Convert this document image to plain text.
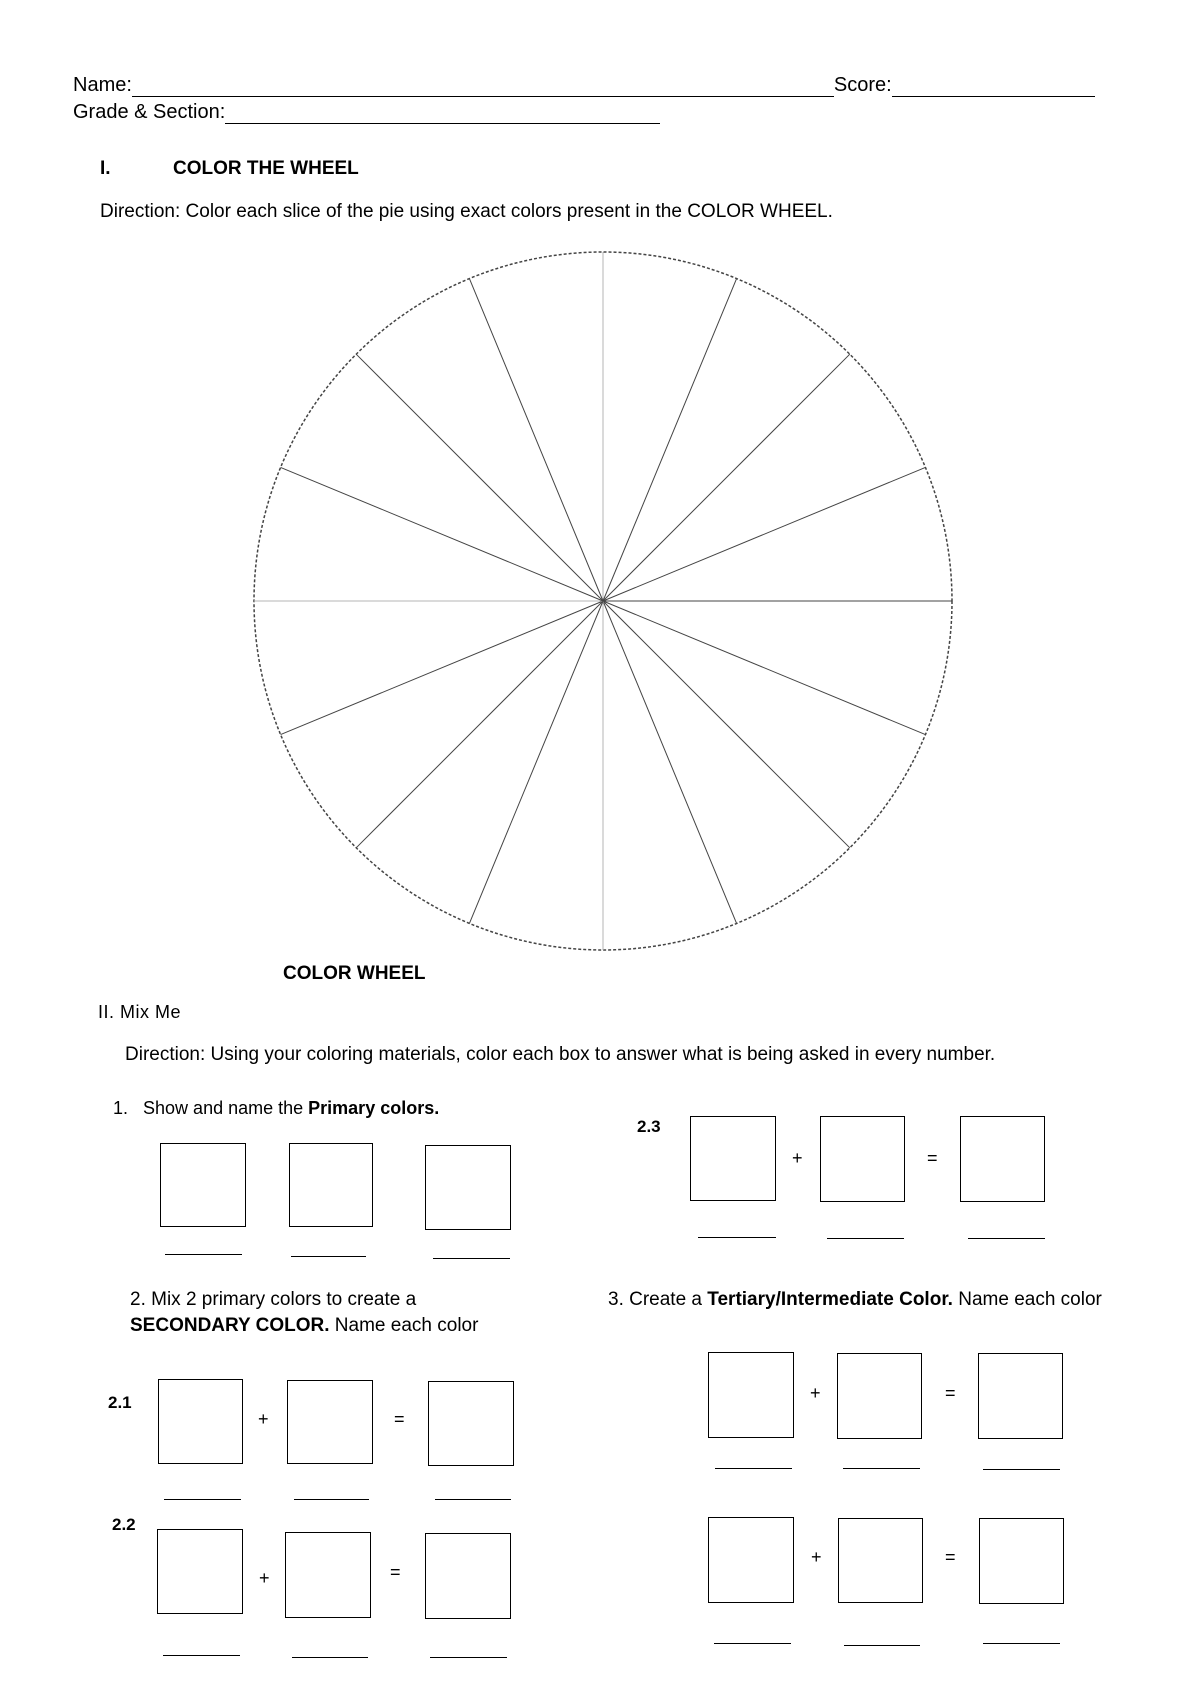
Name:	Score:
Grade & Section:
I.	COLOR THE WHEEL
Direction: Color each slice of the pie using exact colors present in the COLOR WHEEL.
COLOR WHEEL
II. Mix Me
Direction: Using your coloring materials, color each box to answer what is being asked in every number.
1. Show and name the Primary colors.
2.3
+	=
2. Mix 2 primary colors to create a SECONDARY COLOR. Name each color
3. Create a Tertiary/Intermediate Color. Name each color
2.1
+	=
2.2
+	=
+	=
+	=
